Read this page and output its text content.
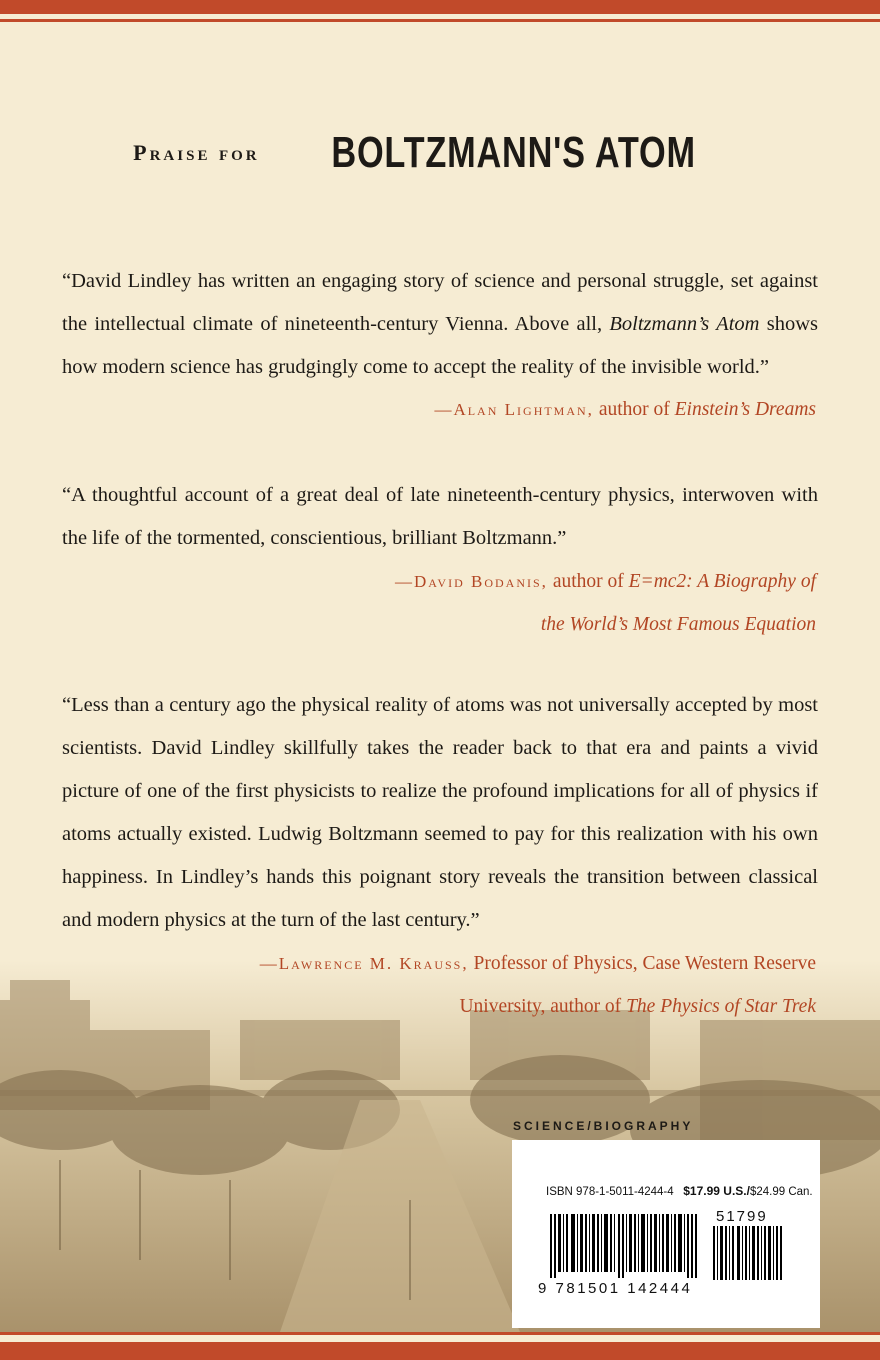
Praise for BOLTZMANN'S ATOM

“David Lindley has written an engaging story of science and personal struggle, set against the intellectual climate of nineteenth-century Vienna. Above all, Boltzmann’s Atom shows how modern science has grudgingly come to accept the reality of the invisible world.”

—Alan Lightman, author of Einstein’s Dreams

“A thoughtful account of a great deal of late nineteenth-century physics, interwoven with the life of the tormented, conscientious, brilliant Boltzmann.”

—David Bodanis, author of E=mc2: A Biography of
the World’s Most Famous Equation

“Less than a century ago the physical reality of atoms was not universally accepted by most scientists. David Lindley skillfully takes the reader back to that era and paints a vivid picture of one of the first physicists to realize the profound implications for all of physics if atoms actually existed. Ludwig Boltzmann seemed to pay for this realization with his own happiness. In Lindley’s hands this poignant story reveals the transition between classical and modern physics at the turn of the last century.”

—Lawrence M. Krauss, Professor of Physics, Case Western Reserve
University, author of The Physics of Star Trek
SCIENCE/BIOGRAPHY
ISBN 978-1-5011-4244-4 $17.99 U.S./$24.99 Can.
51799
9 781501 142444
